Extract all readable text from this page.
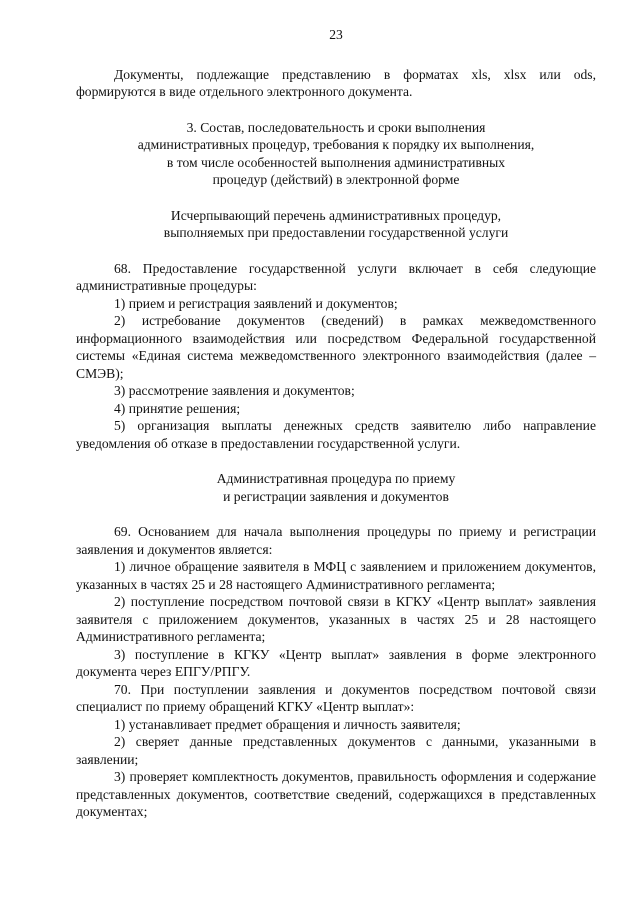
23

Документы, подлежащие представлению в форматах xls, xlsx или ods, формируются в виде отдельного электронного документа.

3. Состав, последовательность и сроки выполнения

административных процедур, требования к порядку их выполнения,

в том числе особенностей выполнения административных

процедур (действий) в электронной форме

Исчерпывающий перечень административных процедур,

выполняемых при предоставлении государственной услуги

68. Предоставление государственной услуги включает в себя следующие административные процедуры:

1) прием и регистрация заявлений и документов;

2) истребование документов (сведений) в рамках межведомственного информационного взаимодействия или посредством Федеральной государственной системы «Единая система межведомственного электронного взаимодействия (далее – СМЭВ);

3) рассмотрение заявления и документов;

4) принятие решения;

5) организация выплаты денежных средств заявителю либо направление уведомления об отказе в предоставлении государственной услуги.

Административная процедура по приему

и регистрации заявления и документов

69. Основанием для начала выполнения процедуры по приему и регистрации заявления и документов является:

1) личное обращение заявителя в МФЦ с заявлением и приложением документов, указанных в частях 25 и 28 настоящего Административного регламента;

2) поступление посредством почтовой связи в КГКУ «Центр выплат» заявления заявителя с приложением документов, указанных в частях 25 и 28 настоящего Административного регламента;

3) поступление в КГКУ «Центр выплат» заявления в форме электронного документа через ЕПГУ/РПГУ.

70. При поступлении заявления и документов посредством почтовой связи специалист по приему обращений КГКУ «Центр выплат»:

1) устанавливает предмет обращения и личность заявителя;

2) сверяет данные представленных документов с данными, указанными в заявлении;

3) проверяет комплектность документов, правильность оформления и содержание представленных документов, соответствие сведений, содержащихся в представленных документах;
